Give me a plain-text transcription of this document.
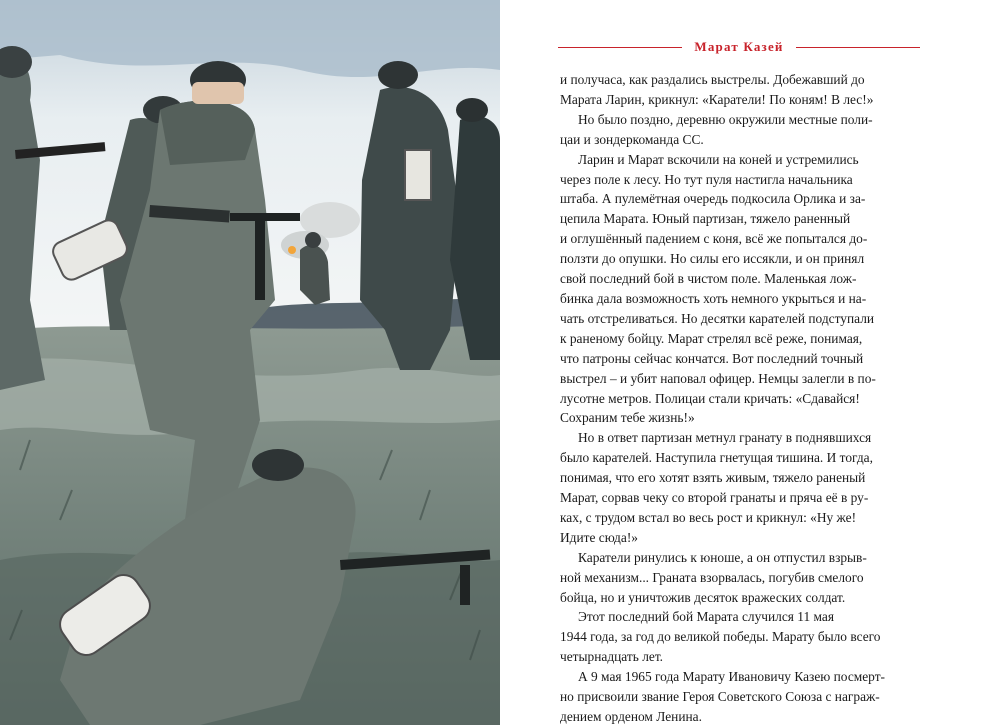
Марат Казей

и получаса, как раздались выстрелы. Добежавший до
Марата Ларин, крикнул: «Каратели! По коням! В лес!»

Но было поздно, деревню окружили местные поли-
цаи и зондеркоманда СС.

Ларин и Марат вскочили на коней и устремились
через поле к лесу. Но тут пуля настигла начальника
штаба. А пулемётная очередь подкосила Орлика и за-
цепила Марата. Юный партизан, тяжело раненный
и оглушённый падением с коня, всё же попытался до-
ползти до опушки. Но силы его иссякли, и он принял
свой последний бой в чистом поле. Маленькая лож-
бинка дала возможность хоть немного укрыться и на-
чать отстреливаться. Но десятки карателей подступали
к раненому бойцу. Марат стрелял всё реже, понимая,
что патроны сейчас кончатся. Вот последний точный
выстрел – и убит наповал офицер. Немцы залегли в по-
лусотне метров. Полицаи стали кричать: «Сдавайся!
Сохраним тебе жизнь!»

Но в ответ партизан метнул гранату в поднявшихся
было карателей. Наступила гнетущая тишина. И тогда,
понимая, что его хотят взять живым, тяжело раненый
Марат, сорвав чеку со второй гранаты и пряча её в ру-
ках, с трудом встал во весь рост и крикнул: «Ну же!
Идите сюда!»

Каратели ринулись к юноше, а он отпустил взрыв-
ной механизм... Граната взорвалась, погубив смелого
бойца, но и уничтожив десяток вражеских солдат.

Этот последний бой Марата случился 11 мая
1944 года, за год до великой победы. Марату было всего
четырнадцать лет.

А 9 мая 1965 года Марату Ивановичу Казею посмерт-
но присвоили звание Героя Советского Союза с награж-
дением орденом Ленина.
